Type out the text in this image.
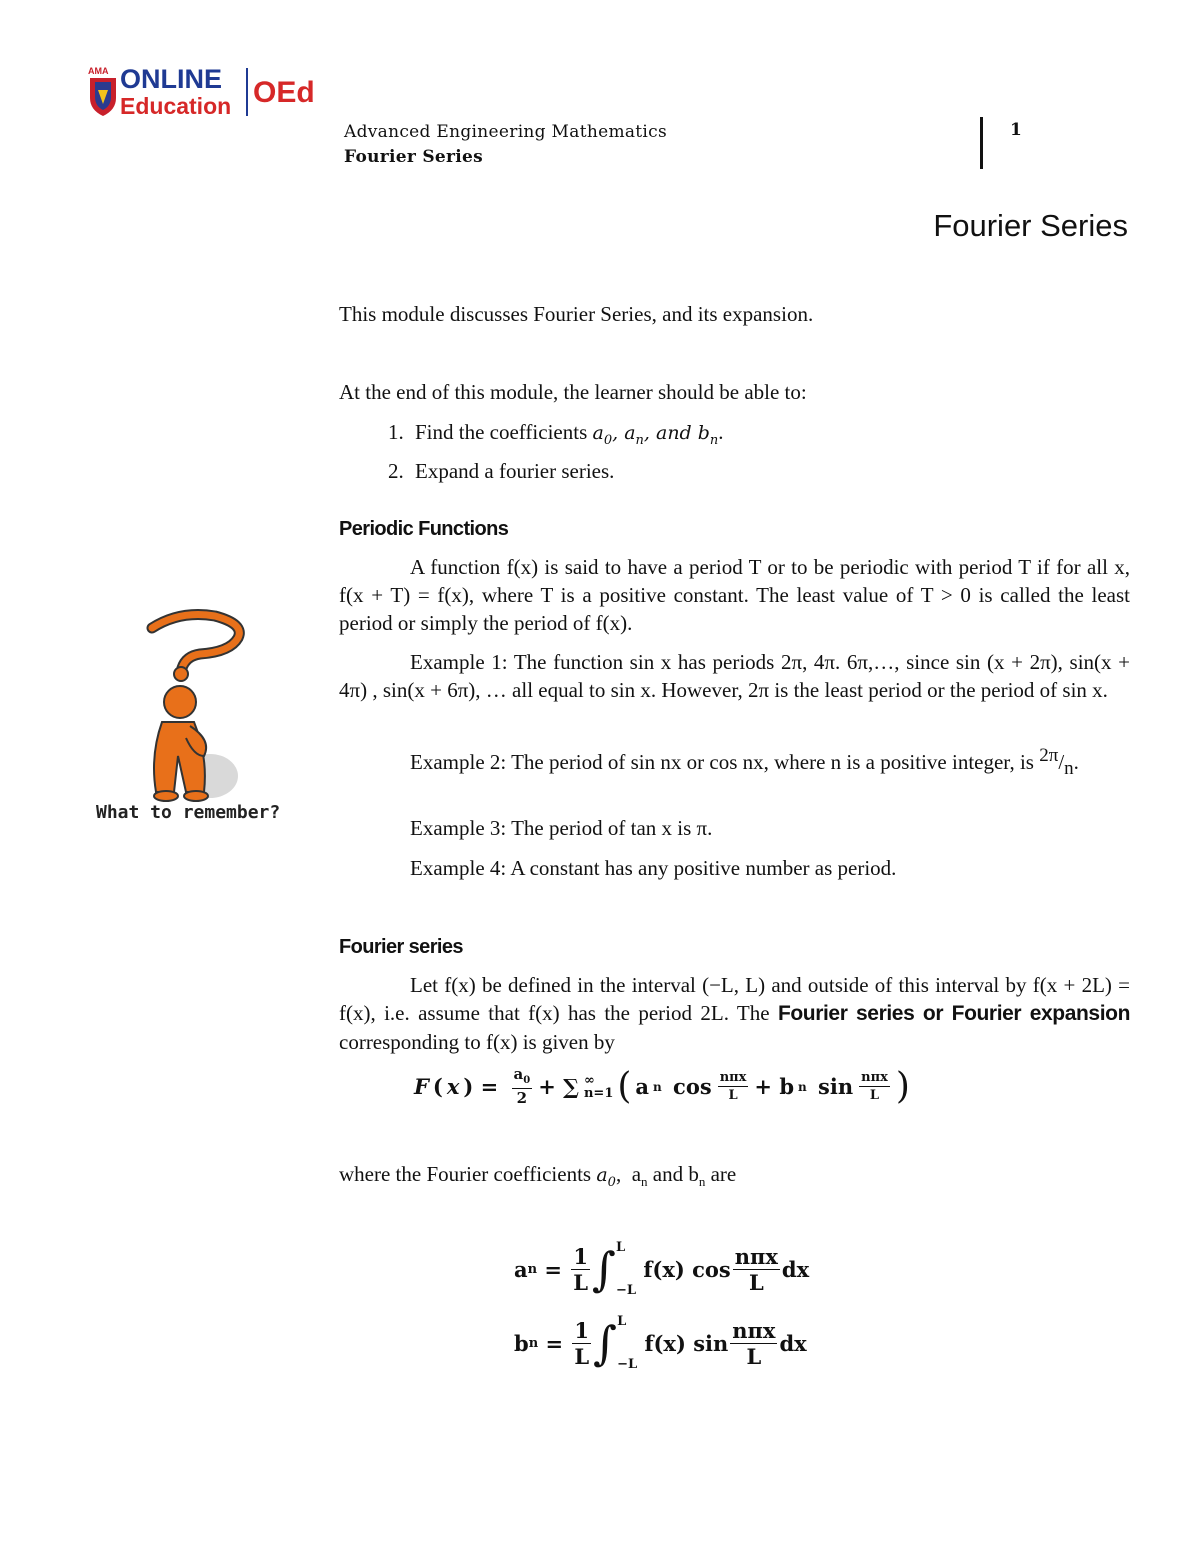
AMA ONLINE
Education OEd
Advanced Engineering Mathematics
Fourier Series
1
Fourier Series
This module discusses Fourier Series, and its expansion.
At the end of this module, the learner should be able to:
1. Find the coefficients $a_0$, $a_n$, and $b_n$.
2. Expand a fourier series.
Periodic Functions
A function f(x) is said to have a period T or to be periodic with period T if for all x, f(x + T) = f(x), where T is a positive constant. The least value of T > 0 is called the least period or simply the period of f(x).
Example 1: The function sin x has periods 2π, 4π. 6π,…, since sin (x + 2π), sin(x + 4π) , sin(x + 6π), … all equal to sin x. However, 2π is the least period or the period of sin x.
Example 2: The period of sin nx or cos nx, where n is a positive integer, is $^{2\pi}/_n$.
Example 3: The period of tan x is π.
Example 4: A constant has any positive number as period.
What to remember?
Fourier series
Let f(x) be defined in the interval (−L, L) and outside of this interval by f(x + 2L) = f(x), i.e. assume that f(x) has the period 2L. The Fourier series or Fourier expansion corresponding to f(x) is given by
F ( x ) = $\frac{a_0}{2}$ + ∑ ∞
n=1 ( a n $\cos \frac{\text{nπx}}{L} + b$ n $\sin \frac{\text{nπx}}{L}$ )
where the Fourier coefficients $a_0$,  $a_n$ and $b_n$ are
a $n = \frac{1}{L}$ ∫ L
−L
f(x) $\cos \frac{\text{nπx}}{L}$ dx
b $n = \frac{1}{L}$ ∫ L
−L
f(x) $\sin \frac{\text{nπx}}{L}$ dx
